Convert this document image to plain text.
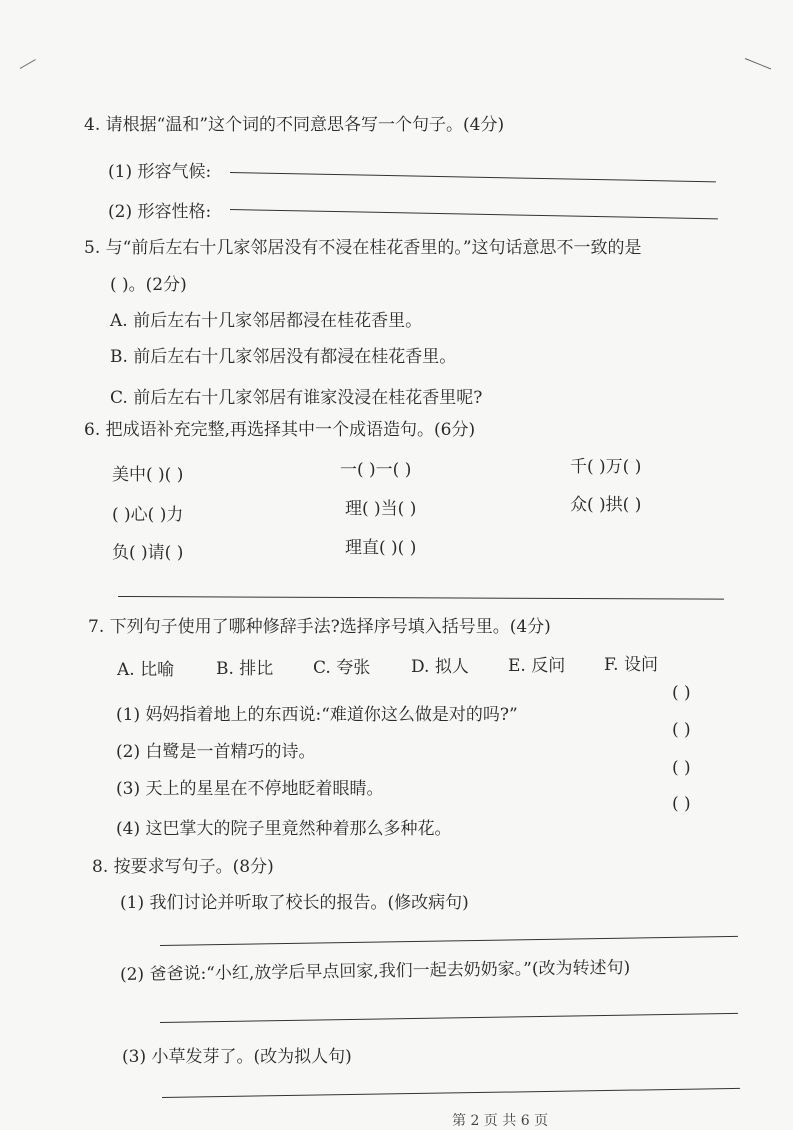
4. 请根据“温和”这个词的不同意思各写一个句子。(4分)
(1) 形容气候:
(2) 形容性格:
5. 与“前后左右十几家邻居没有不浸在桂花香里的。”这句话意思不一致的是
( )。(2分)
A. 前后左右十几家邻居都浸在桂花香里。
B. 前后左右十几家邻居没有都浸在桂花香里。
C. 前后左右十几家邻居有谁家没浸在桂花香里呢?
6. 把成语补充完整,再选择其中一个成语造句。(6分)
美中( )( )	一( )一( )	千( )万( )
( )心( )力	理( )当( )	众( )拱( )
负( )请( )	理直( )( )
7. 下列句子使用了哪种修辞手法?选择序号填入括号里。(4分)
A. 比喻 B. 排比 C. 夸张 D. 拟人 E. 反问 F. 设问
(1) 妈妈指着地上的东西说:“难道你这么做是对的吗?”
( )
(2) 白鹭是一首精巧的诗。
( )
(3) 天上的星星在不停地眨着眼睛。
( )
(4) 这巴掌大的院子里竟然种着那么多种花。
( )
8. 按要求写句子。(8分)
(1) 我们讨论并听取了校长的报告。(修改病句)
(2) 爸爸说:“小红,放学后早点回家,我们一起去奶奶家。”(改为转述句)
(3) 小草发芽了。(改为拟人句)
第 2 页 共 6 页
